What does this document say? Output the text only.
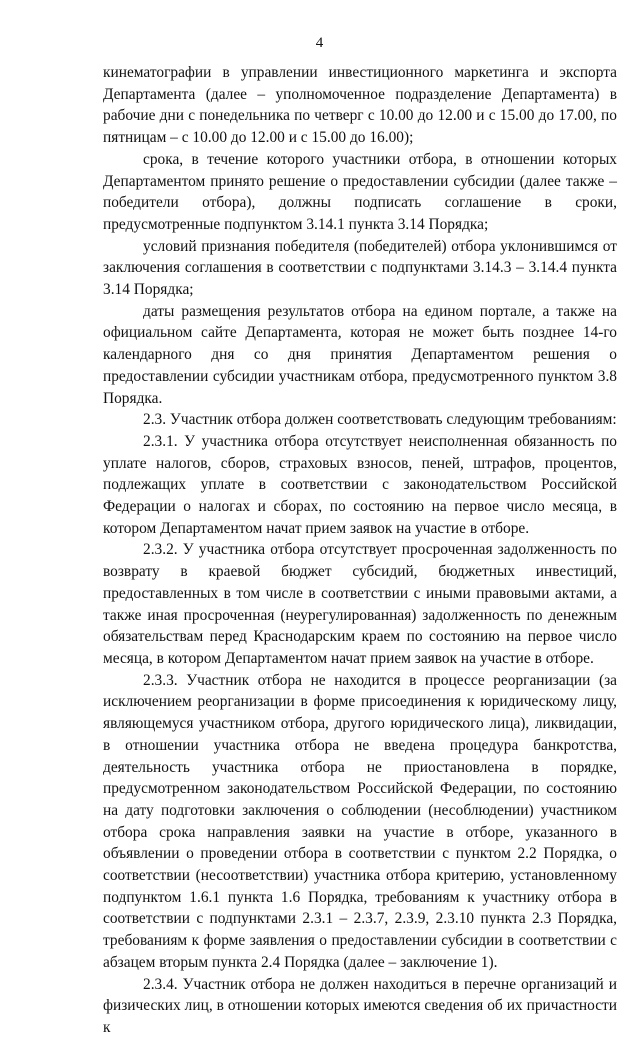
4

кинематографии в управлении инвестиционного маркетинга и экспорта Департамента (далее – уполномоченное подразделение Департамента) в рабочие дни с понедельника по четверг с 10.00 до 12.00 и с 15.00 до 17.00, по пятницам – с 10.00 до 12.00 и с 15.00 до 16.00);

срока, в течение которого участники отбора, в отношении которых Департаментом принято решение о предоставлении субсидии (далее также – победители отбора), должны подписать соглашение в сроки, предусмотренные подпунктом 3.14.1 пункта 3.14 Порядка;

условий признания победителя (победителей) отбора уклонившимся от заключения соглашения в соответствии с подпунктами 3.14.3 – 3.14.4 пункта 3.14 Порядка;

даты размещения результатов отбора на едином портале, а также на официальном сайте Департамента, которая не может быть позднее 14-го календарного дня со дня принятия Департаментом решения о предоставлении субсидии участникам отбора, предусмотренного пунктом 3.8 Порядка.

2.3. Участник отбора должен соответствовать следующим требованиям:

2.3.1. У участника отбора отсутствует неисполненная обязанность по уплате налогов, сборов, страховых взносов, пеней, штрафов, процентов, подлежащих уплате в соответствии с законодательством Российской Федерации о налогах и сборах, по состоянию на первое число месяца, в котором Департаментом начат прием заявок на участие в отборе.

2.3.2. У участника отбора отсутствует просроченная задолженность по возврату в краевой бюджет субсидий, бюджетных инвестиций, предоставленных в том числе в соответствии с иными правовыми актами, а также иная просроченная (неурегулированная) задолженность по денежным обязательствам перед Краснодарским краем по состоянию на первое число месяца, в котором Департаментом начат прием заявок на участие в отборе.

2.3.3. Участник отбора не находится в процессе реорганизации (за исключением реорганизации в форме присоединения к юридическому лицу, являющемуся участником отбора, другого юридического лица), ликвидации, в отношении участника отбора не введена процедура банкротства, деятельность участника отбора не приостановлена в порядке, предусмотренном законодательством Российской Федерации, по состоянию на дату подготовки заключения о соблюдении (несоблюдении) участником отбора срока направления заявки на участие в отборе, указанного в объявлении о проведении отбора в соответствии с пунктом 2.2 Порядка, о соответствии (несоответствии) участника отбора критерию, установленному подпунктом 1.6.1 пункта 1.6 Порядка, требованиям к участнику отбора в соответствии с подпунктами 2.3.1 – 2.3.7, 2.3.9, 2.3.10 пункта 2.3 Порядка, требованиям к форме заявления о предоставлении субсидии в соответствии с абзацем вторым пункта 2.4 Порядка (далее – заключение 1).

2.3.4. Участник отбора не должен находиться в перечне организаций и физических лиц, в отношении которых имеются сведения об их причастности к
